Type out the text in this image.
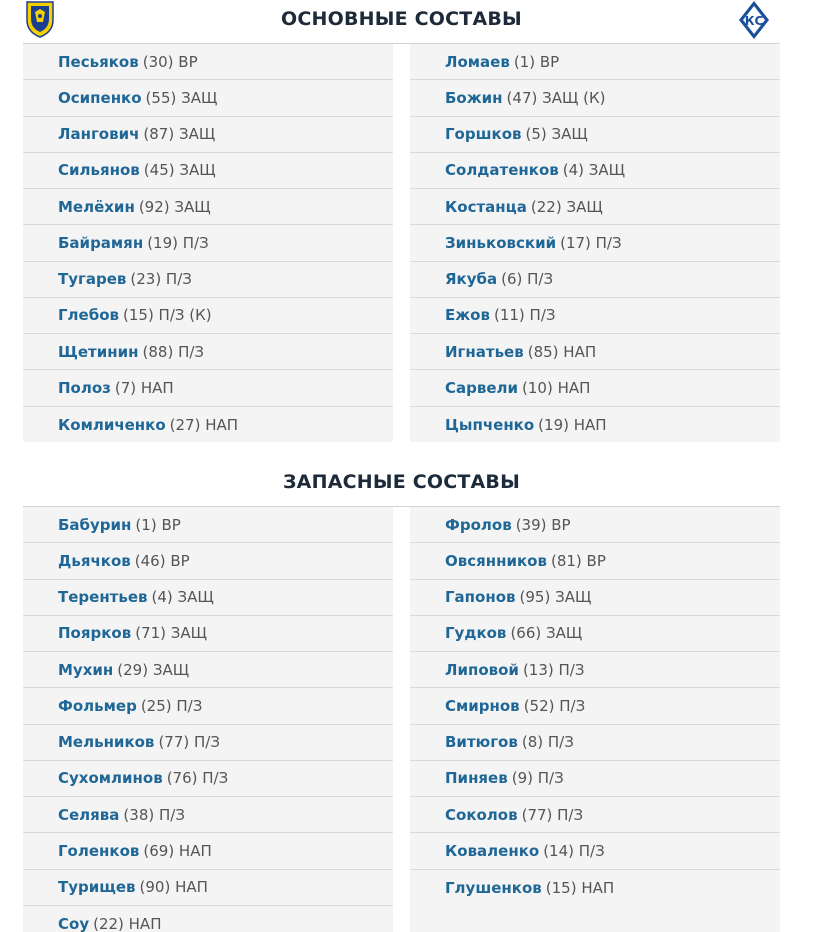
КС
ОСНОВНЫЕ СОСТАВЫ
Песьяков (30) ВР
Осипенко (55) ЗАЩ
Лангович (87) ЗАЩ
Сильянов (45) ЗАЩ
Мелёхин (92) ЗАЩ
Байрамян (19) П/З
Тугарев (23) П/З
Глебов (15) П/З (К)
Щетинин (88) П/З
Полоз (7) НАП
Комличенко (27) НАП
Ломаев (1) ВР
Божин (47) ЗАЩ (К)
Горшков (5) ЗАЩ
Солдатенков (4) ЗАЩ
Костанца (22) ЗАЩ
Зиньковский (17) П/З
Якуба (6) П/З
Ежов (11) П/З
Игнатьев (85) НАП
Сарвели (10) НАП
Цыпченко (19) НАП
ЗАПАСНЫЕ СОСТАВЫ
Бабурин (1) ВР
Дьячков (46) ВР
Терентьев (4) ЗАЩ
Поярков (71) ЗАЩ
Мухин (29) ЗАЩ
Фольмер (25) П/З
Мельников (77) П/З
Сухомлинов (76) П/З
Селява (38) П/З
Голенков (69) НАП
Турищев (90) НАП
Соу (22) НАП
Фролов (39) ВР
Овсянников (81) ВР
Гапонов (95) ЗАЩ
Гудков (66) ЗАЩ
Липовой (13) П/З
Смирнов (52) П/З
Витюгов (8) П/З
Пиняев (9) П/З
Соколов (77) П/З
Коваленко (14) П/З
Глушенков (15) НАП
